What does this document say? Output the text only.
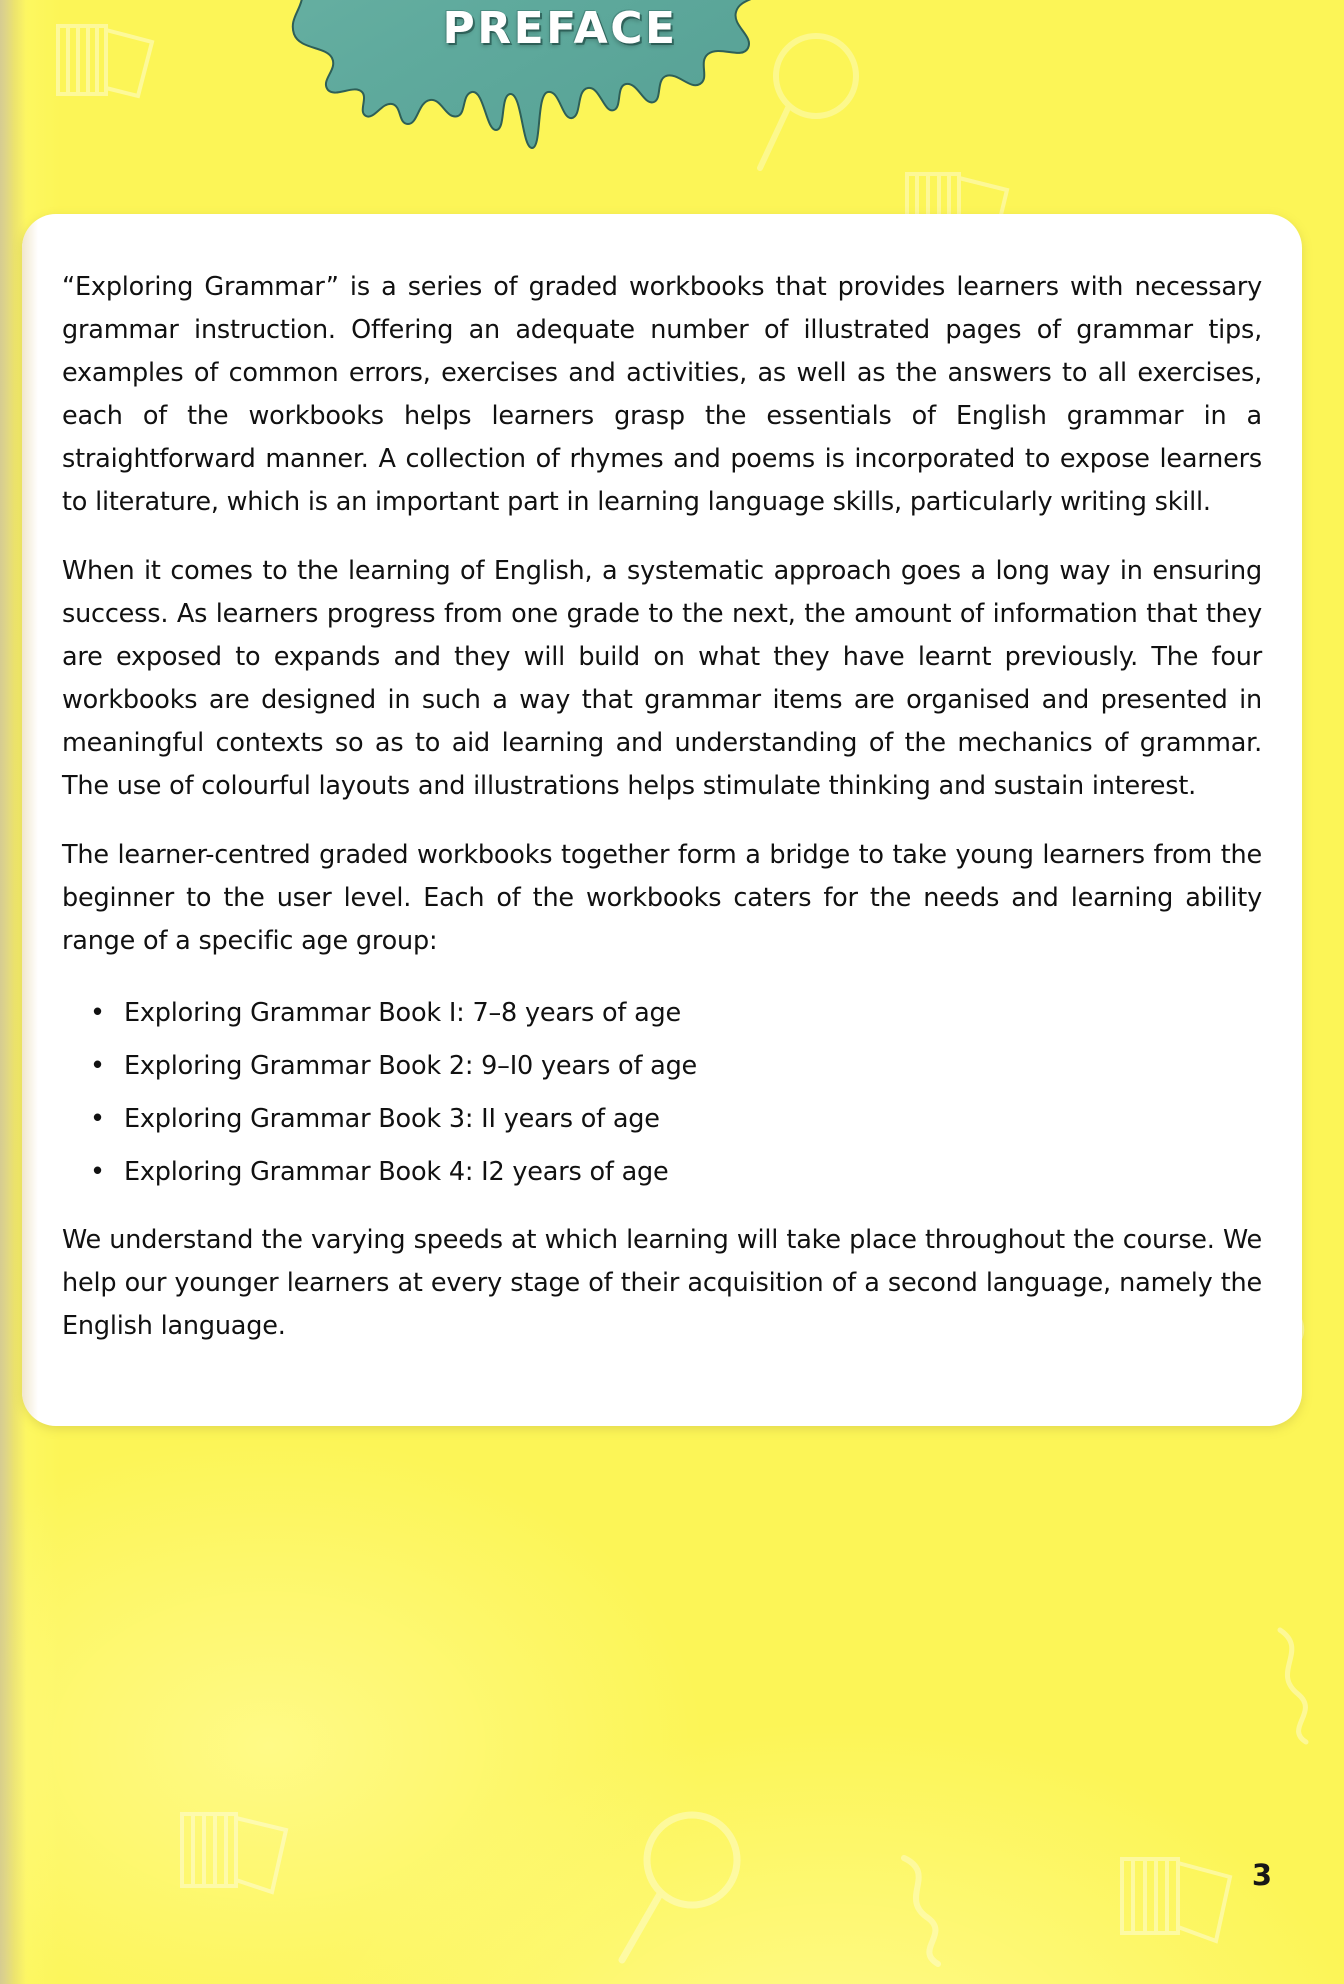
PREFACE

“Exploring Grammar” is a series of graded workbooks that provides learners with necessary grammar instruction. Offering an adequate number of illustrated pages of grammar tips, examples of common errors, exercises and activities, as well as the answers to all exercises, each of the workbooks helps learners grasp the essentials of English grammar in a straightforward manner. A collection of rhymes and poems is incorporated to expose learners to literature, which is an important part in learning language skills, particularly writing skill.

When it comes to the learning of English, a systematic approach goes a long way in ensuring success. As learners progress from one grade to the next, the amount of information that they are exposed to expands and they will build on what they have learnt previously. The four workbooks are designed in such a way that grammar items are organised and presented in meaningful contexts so as to aid learning and understanding of the mechanics of grammar. The use of colourful layouts and illustrations helps stimulate thinking and sustain interest.

The learner-centred graded workbooks together form a bridge to take young learners from the beginner to the user level. Each of the workbooks caters for the needs and learning ability range of a specific age group:

• Exploring Grammar Book I: 7–8 years of age
• Exploring Grammar Book 2: 9–I0 years of age
• Exploring Grammar Book 3: II years of age
• Exploring Grammar Book 4: I2 years of age

We understand the varying speeds at which learning will take place throughout the course. We help our younger learners at every stage of their acquisition of a second language, namely the English language.

3
